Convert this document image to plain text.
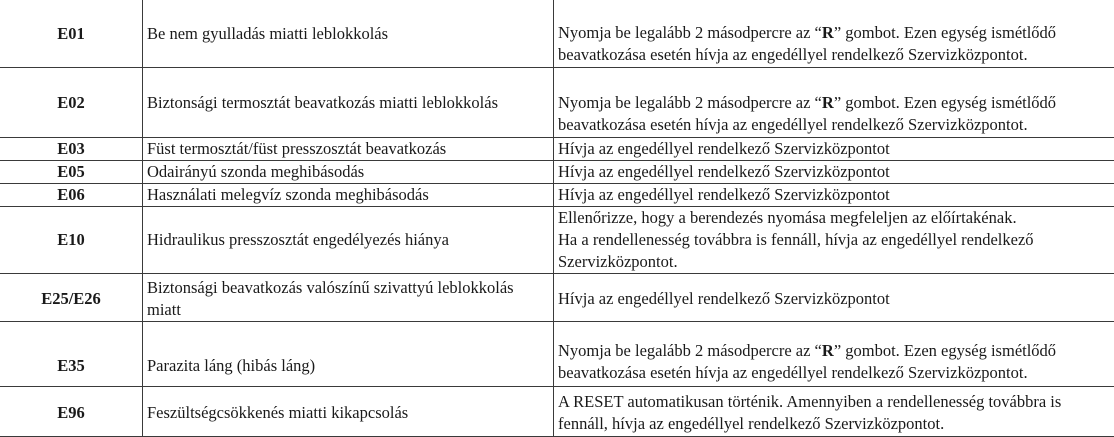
E01	Be nem gyulladás miatti leblokkolás	Nyomja be legalább 2 másodpercre az “R” gombot. Ezen egység ismétlődő
beavatkozása esetén hívja az engedéllyel rendelkező Szervizközpontot.

E02	Biztonsági termosztát beavatkozás miatti leblokkolás	Nyomja be legalább 2 másodpercre az “R” gombot. Ezen egység ismétlődő
beavatkozása esetén hívja az engedéllyel rendelkező Szervizközpontot.

E03	Füst termosztát/füst presszosztát beavatkozás	Hívja az engedéllyel rendelkező Szervizközpontot

E05	Odairányú szonda meghibásodás	Hívja az engedéllyel rendelkező Szervizközpontot

E06	Használati melegvíz szonda meghibásodás	Hívja az engedéllyel rendelkező Szervizközpontot

E10	Hidraulikus presszosztát engedélyezés hiánya	Ellenőrizze, hogy a berendezés nyomása megfeleljen az előírtakénak.
Ha a rendellenesség továbbra is fennáll, hívja az engedéllyel rendelkező
Szervizközpontot.

E25/E26	Biztonsági beavatkozás valószínű szivattyú leblokkolás
miatt	Hívja az engedéllyel rendelkező Szervizközpontot

E35	Parazita láng (hibás láng)	Nyomja be legalább 2 másodpercre az “R” gombot. Ezen egység ismétlődő
beavatkozása esetén hívja az engedéllyel rendelkező Szervizközpontot.

E96	Feszültségcsökkenés miatti kikapcsolás	A RESET automatikusan történik. Amennyiben a rendellenesség továbbra is
fennáll, hívja az engedéllyel rendelkező Szervizközpontot.
